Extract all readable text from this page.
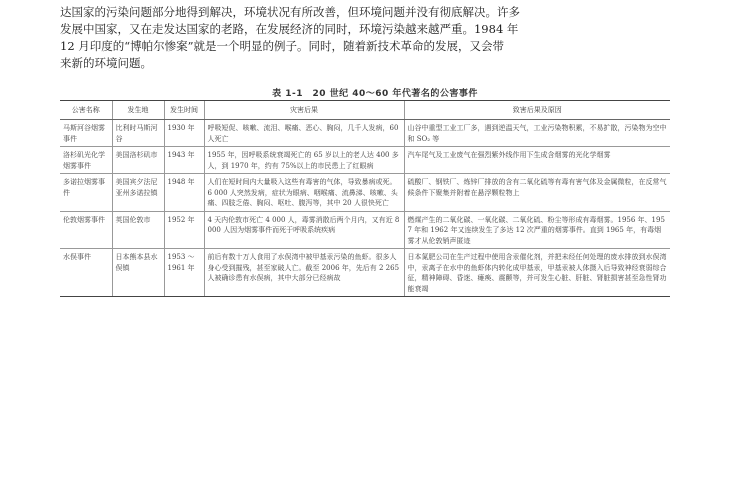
达国家的污染问题部分地得到解决，环境状况有所改善，但环境问题并没有彻底解决。许多

发展中国家，又在走发达国家的老路，在发展经济的同时，环境污染越来越严重。1984 年

12 月印度的“博帕尔惨案”就是一个明显的例子。同时，随着新技术革命的发展，又会带

来新的环境问题。

表 1-1　20 世纪 40～60 年代著名的公害事件
公害名称	发生地	发生时间	灾害后果	致害后果及原因
马斯河谷烟雾事件	比利时马斯河谷	1930 年	呼吸短促、咳嗽、流泪、喉痛、恶心、胸闷，几千人发病，60 人死亡	山谷中重型工业工厂多，遇到逆温天气，工业污染物积累，不易扩散，污染物为空中和 SO₂ 等
洛杉矶光化学烟雾事件	美国洛杉矶市	1943 年	1955 年，因呼吸系统衰竭死亡的 65 岁以上的老人达 400 多人，到 1970 年，约有 75%以上的市民患上了红眼病	汽车尾气及工业废气在强烈紫外线作用下生成含烟雾的光化学烟雾
多诺拉烟雾事件	美国宾夕法尼亚州多诺拉镇	1948 年	人们在短时间内大量吸入这些有毒害的气体，导致暴病或死。6 000 人突然发病，症状为眼病、咽喉痛、流鼻涕、咳嗽、头痛、四肢乏倦、胸闷、呕吐、腹泻等，其中 20 人很快死亡	硫酸厂、钢铁厂、炼锌厂排放的含有二氧化硫等有毒有害气体及金属微粒，在反常气候条件下聚集并附着在悬浮颗粒物上
伦敦烟雾事件	英国伦敦市	1952 年	4 天内伦敦市死亡 4 000 人，毒雾消散后两个月内，又有近 8 000 人因为烟雾事件而死于呼吸系统疾病	燃煤产生的二氧化碳、一氧化碳、二氧化硫、粉尘等形成有毒烟雾。1956 年、1957 年和 1962 年又连续发生了多达 12 次严重的烟雾事件。直到 1965 年，有毒烟雾才从伦敦销声匿迹
水俣事件	日本熊本县水俣镇	1953 ～ 1961 年	前后有数十万人食用了水俣湾中被甲基汞污染的鱼虾。很多人身心受到摧残，甚至家破人亡。截至 2006 年，先后有 2 265 人被确诊患有水俣病，其中大部分已经病故	日本氮肥公司在生产过程中使用含汞催化剂，并把未经任何处理的废水排放到水俣湾中，汞离子在水中的鱼虾体内转化成甲基汞，甲基汞被人体摄入后导致神经衰弱综合征，精神障碍、昏迷、瘫痪、震颤等，并可发生心脏、肝脏、肾脏损害甚至急性肾功能衰竭
